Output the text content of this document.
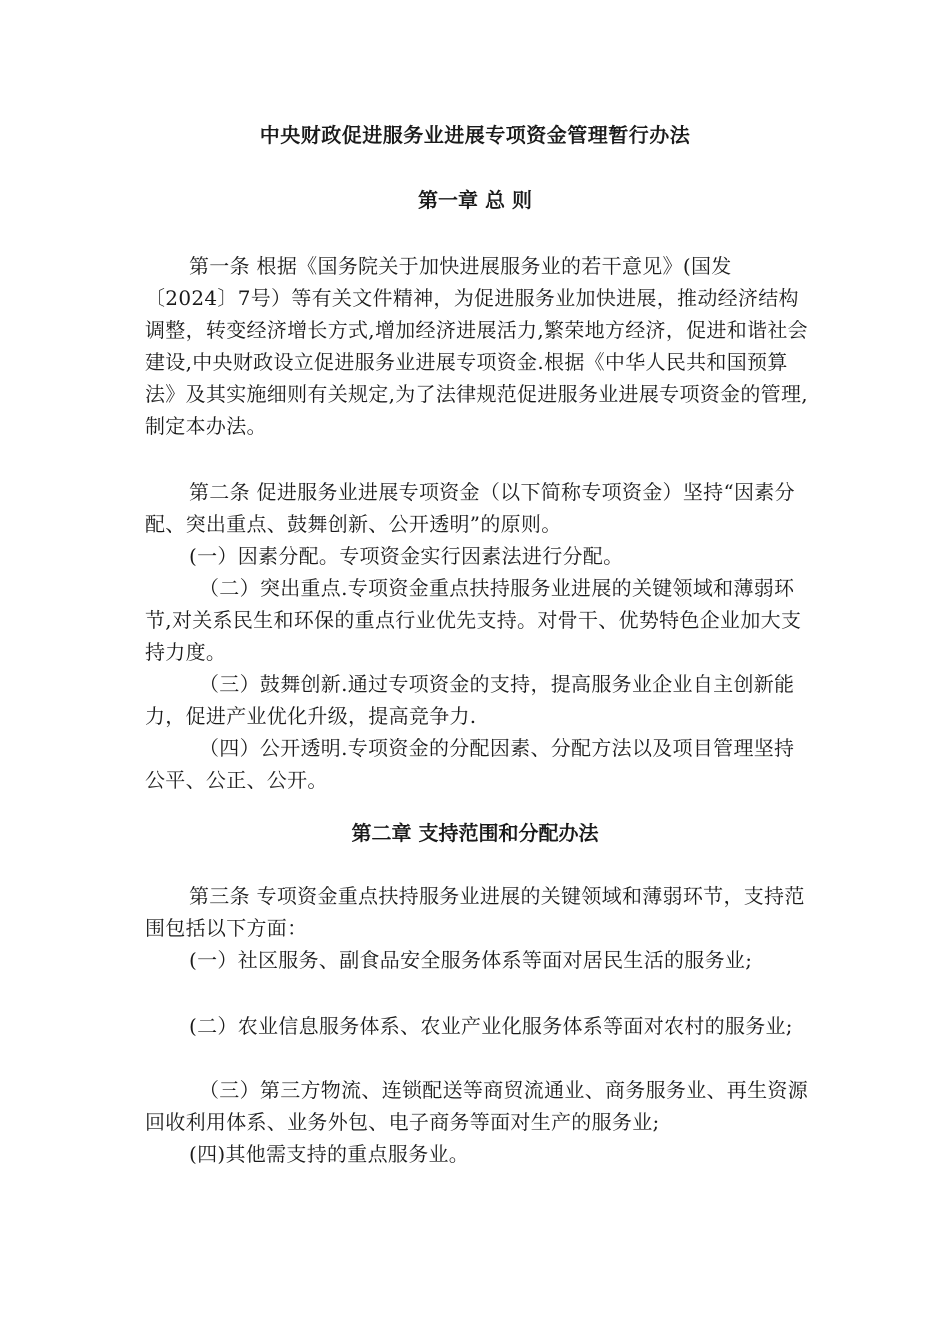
中央财政促进服务业进展专项资金管理暂行办法
第一章 总 则

第一条 根据《国务院关于加快进展服务业的若干意见》(国发〔2024〕7号）等有关文件精神，为促进服务业加快进展，推动经济结构调整，转变经济增长方式,增加经济进展活力,繁荣地方经济，促进和谐社会建设,中央财政设立促进服务业进展专项资金.根据《中华人民共和国预算法》及其实施细则有关规定,为了法律规范促进服务业进展专项资金的管理,制定本办法。

第二条 促进服务业进展专项资金（以下简称专项资金）坚持“因素分配、突出重点、鼓舞创新、公开透明”的原则。

(一）因素分配。专项资金实行因素法进行分配。

（二）突出重点.专项资金重点扶持服务业进展的关键领域和薄弱环节,对关系民生和环保的重点行业优先支持。对骨干、优势特色企业加大支持力度。

（三）鼓舞创新.通过专项资金的支持，提高服务业企业自主创新能力，促进产业优化升级，提高竞争力.

（四）公开透明.专项资金的分配因素、分配方法以及项目管理坚持公平、公正、公开。

第二章 支持范围和分配办法

第三条 专项资金重点扶持服务业进展的关键领域和薄弱环节，支持范围包括以下方面：

(一）社区服务、副食品安全服务体系等面对居民生活的服务业;

(二）农业信息服务体系、农业产业化服务体系等面对农村的服务业;

（三）第三方物流、连锁配送等商贸流通业、商务服务业、再生资源回收利用体系、业务外包、电子商务等面对生产的服务业;

(四)其他需支持的重点服务业。
